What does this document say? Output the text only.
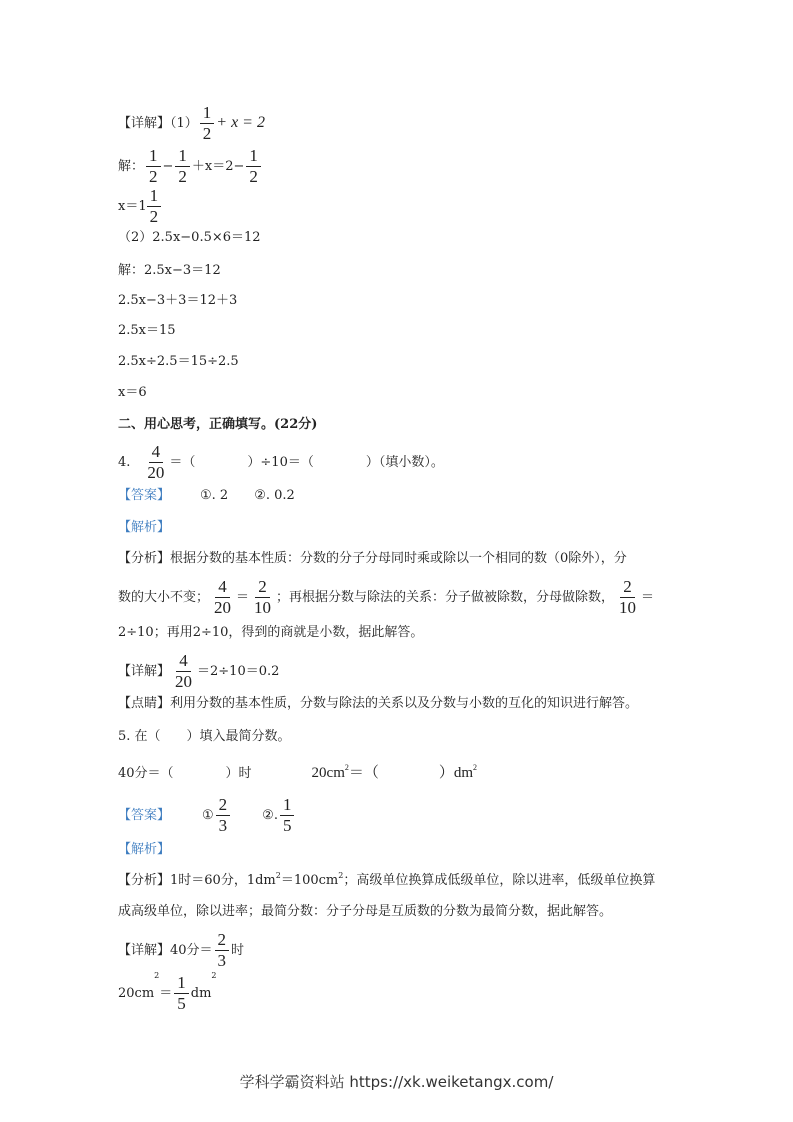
【详解】$(1) \frac{1}{2} + x = 2$
解： $\frac{1}{2} - \frac{1}{2} +x=2- \frac{1}{2}$
$x=1 \frac{1}{2}$
（2）2.5x−0.5×6＝12
解：2.5x−3＝12
2.5x−3＋3＝12＋3
2.5x＝15
2.5x÷2.5＝15÷2.5
x＝6
二、用心思考，正确填写。(22分)
4. $\frac{4}{20}$ ＝（　　　　）÷10＝（　　　　）（填小数）。
【答案】 ①. 2　　②. 0.2
【解析】
【分析】根据分数的基本性质：分数的分子分母同时乘或除以一个相同的数（0除外），分
数的大小不变； $\frac{4}{20} = \frac{2}{10}$ ；再根据分数与除法的关系：分子做被除数，分母做除数， $\frac{2}{10}$ ＝
2÷10；再用2÷10，得到的商就是小数，据此解答。
【详解】 $\frac{4}{20} =2\div 10=0.2$
【点睛】利用分数的基本性质，分数与除法的关系以及分数与小数的互化的知识进行解答。
5. 在（　　）填入最简分数。
40分＝（　　　　）时	$20cm^2=$（　　　　）$dm^2$
【答案】 ① $\frac{2}{3}$ ②. $\frac{1}{5}$
【解析】
【分析】1时＝60分，$1dm^2=100cm^2$；高级单位换算成低级单位，除以进率，低级单位换算
成高级单位，除以进率；最简分数：分子分母是互质数的分数为最简分数，据此解答。
【详解】40分＝ $\frac{2}{3}$ 时
$20cm^2= \frac{1}{5} dm^2$
学科学霸资料站 https://xk.weiketangx.com/
